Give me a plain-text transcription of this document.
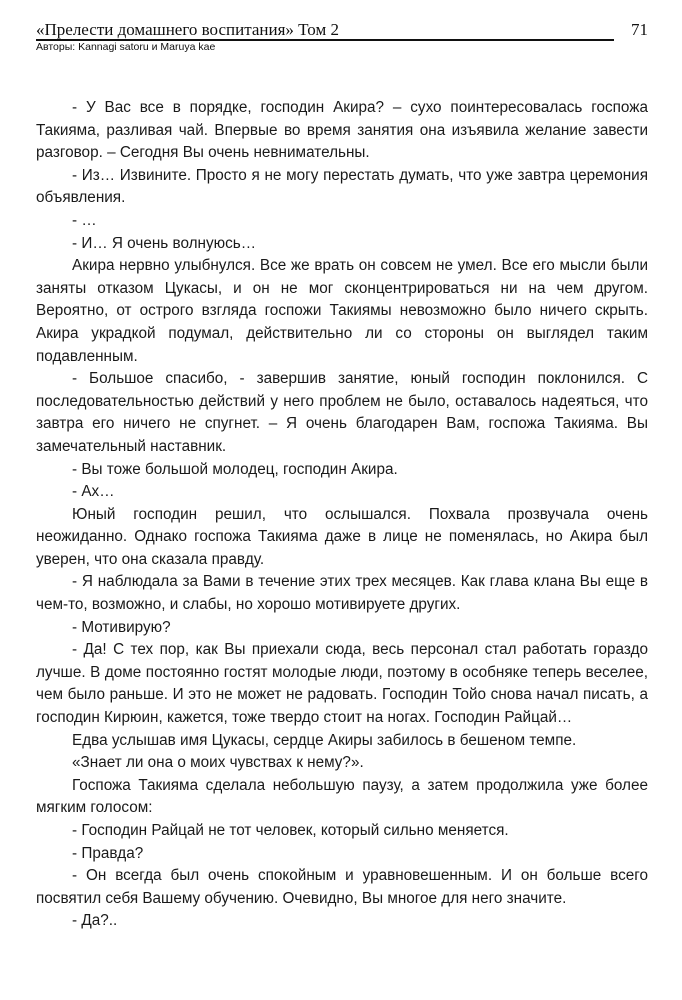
«Прелести домашнего воспитания» Том 2	71
Авторы: Kannagi satoru и Maruya kae

- У Вас все в порядке, господин Акира? – сухо поинтересовалась госпожа Такияма, разливая чай. Впервые во время занятия она изъявила желание завести разговор. – Сегодня Вы очень невнимательны.

- Из… Извините. Просто я не могу перестать думать, что уже завтра церемония объявления.

- …

- И… Я очень волнуюсь…

Акира нервно улыбнулся. Все же врать он совсем не умел. Все его мысли были заняты отказом Цукасы, и он не мог сконцентрироваться ни на чем другом. Вероятно, от острого взгляда госпожи Такиямы невозможно было ничего скрыть. Акира украдкой подумал, действительно ли со стороны он выглядел таким подавленным.

- Большое спасибо, - завершив занятие, юный господин поклонился. С последовательностью действий у него проблем не было, оставалось надеяться, что завтра его ничего не спугнет. – Я очень благодарен Вам, госпожа Такияма. Вы замечательный наставник.

- Вы тоже большой молодец, господин Акира.

- Ах…

Юный господин решил, что ослышался. Похвала прозвучала очень неожиданно. Однако госпожа Такияма даже в лице не поменялась, но Акира был уверен, что она сказала правду.

- Я наблюдала за Вами в течение этих трех месяцев. Как глава клана Вы еще в чем-то, возможно, и слабы, но хорошо мотивируете других.

- Мотивирую?

- Да! С тех пор, как Вы приехали сюда, весь персонал стал работать гораздо лучше. В доме постоянно гостят молодые люди, поэтому в особняке теперь веселее, чем было раньше. И это не может не радовать. Господин Тойо снова начал писать, а господин Кирюин, кажется, тоже твердо стоит на ногах. Господин Райцай…

Едва услышав имя Цукасы, сердце Акиры забилось в бешеном темпе.

«Знает ли она о моих чувствах к нему?».

Госпожа Такияма сделала небольшую паузу, а затем продолжила уже более мягким голосом:

- Господин Райцай не тот человек, который сильно меняется.

- Правда?

- Он всегда был очень спокойным и уравновешенным. И он больше всего посвятил себя Вашему обучению. Очевидно, Вы многое для него значите.

- Да?..
